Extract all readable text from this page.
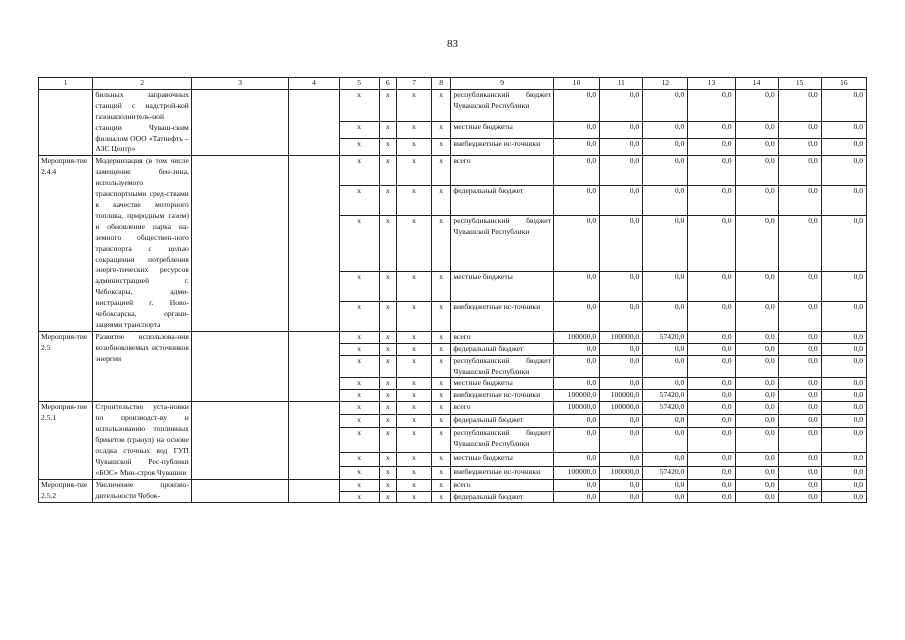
83
1	2	3	4	5	6	7	8	9	10	11	12	13	14	15	16
	бильных заправочных станций с надстрой-кой газонаполнитель-ной станции Чуваш-ским филиалом ООО «Татнефть – АЗС Центр»			х	х	х	х	республиканский бюджет Чувашской Республики	0,0	0,0	0,0	0,0	0,0	0,0	0,0
				х	х	х	х	местные бюджеты	0,0	0,0	0,0	0,0	0,0	0,0	0,0
				х	х	х	х	внебюджетные ис-точники	0,0	0,0	0,0	0,0	0,0	0,0	0,0
Мероприя-тие 2.4.4	Модернизация (в том числе замещение бен-зина, используемого транспортными сред-ствами в качестве моторного топлива, природным газом) и обновление парка на-земного обществен-ного транспорта с целью сокращения потребления энерге-тических ресурсов администрацией г. Чебоксары, адми-нистрацией г. Ново-чебоксарска, органи-зациями транспорта			х	х	х	х	всего	0,0	0,0	0,0	0,0	0,0	0,0	0,0
				х	х	х	х	федеральный бюджет	0,0	0,0	0,0	0,0	0,0	0,0	0,0
				х	х	х	х	республиканский бюджет Чувашской Республики	0,0	0,0	0,0	0,0	0,0	0,0	0,0
				х	х	х	х	местные бюджеты	0,0	0,0	0,0	0,0	0,0	0,0	0,0
				х	х	х	х	внебюджетные ис-точники	0,0	0,0	0,0	0,0	0,0	0,0	0,0
Мероприя-тие 2.5	Развитие использова-ния возобновляемых источников энергии			х	х	х	х	всего	100000,0	100000,0	57420,0	0,0	0,0	0,0	0,0
				х	х	х	х	федеральный бюджет	0,0	0,0	0,0	0,0	0,0	0,0	0,0
				х	х	х	х	республиканский бюджет Чувашской Республики	0,0	0,0	0,0	0,0	0,0	0,0	0,0
				х	х	х	х	местные бюджеты	0,0	0,0	0,0	0,0	0,0	0,0	0,0
				х	х	х	х	внебюджетные ис-точники	100000,0	100000,0	57420,0	0,0	0,0	0,0	0,0
Мероприя-тие 2.5.1	Строительство уста-новки по производст-ву и использованию топливных брикетов (гранул) на основе осадка сточных вод ГУП Чувашской Рес-публики «БОС» Мин-строя Чувашии			х	х	х	х	всего	100000,0	100000,0	57420,0	0,0	0,0	0,0	0,0
				х	х	х	х	федеральный бюджет	0,0	0,0	0,0	0,0	0,0	0,0	0,0
				х	х	х	х	республиканский бюджет Чувашской Республики	0,0	0,0	0,0	0,0	0,0	0,0	0,0
				х	х	х	х	местные бюджеты	0,0	0,0	0,0	0,0	0,0	0,0	0,0
				х	х	х	х	внебюджетные ис-точники	100000,0	100000,0	57420,0	0,0	0,0	0,0	0,0
Мероприя-тие 2.5.2	Увеличение произво-дительности Чебок-			х	х	х	х	всего	0,0	0,0	0,0	0,0	0,0	0,0	0,0
				х	х	х	х	федеральный бюджет	0,0	0,0	0,0	0,0	0,0	0,0	0,0
